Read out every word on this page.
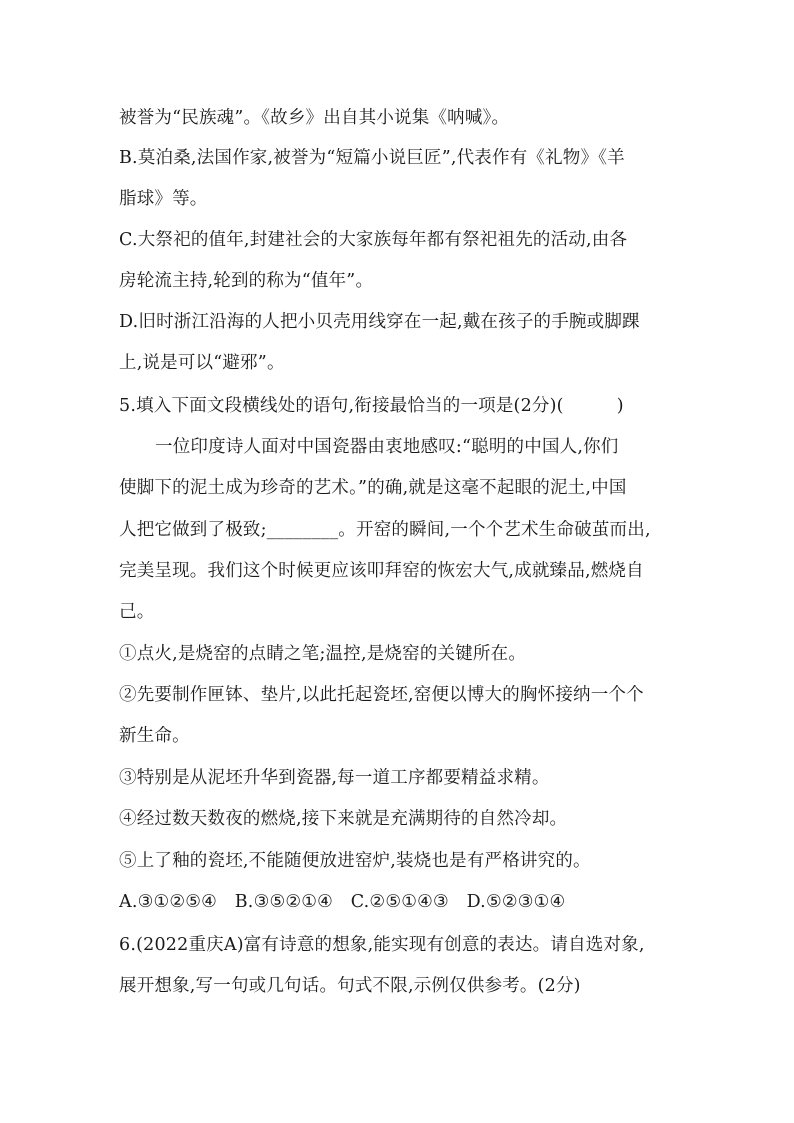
被誉为“民族魂”。《故乡》出自其小说集《呐喊》。
B.莫泊桑,法国作家,被誉为“短篇小说巨匠”,代表作有《礼物》《羊
脂球》等。
C.大祭祀的值年,封建社会的大家族每年都有祭祀祖先的活动,由各
房轮流主持,轮到的称为“值年”。
D.旧时浙江沿海的人把小贝壳用线穿在一起,戴在孩子的手腕或脚踝
上,说是可以“避邪”。
5.填入下面文段横线处的语句,衔接最恰当的一项是(2分)(　　　)
一位印度诗人面对中国瓷器由衷地感叹:“聪明的中国人,你们
使脚下的泥土成为珍奇的艺术。”的确,就是这毫不起眼的泥土,中国
人把它做到了极致;________。开窑的瞬间,一个个艺术生命破茧而出,
完美呈现。我们这个时候更应该叩拜窑的恢宏大气,成就臻品,燃烧自
己。
①点火,是烧窑的点睛之笔;温控,是烧窑的关键所在。
②先要制作匣钵、垫片,以此托起瓷坯,窑便以博大的胸怀接纳一个个
新生命。
③特别是从泥坯升华到瓷器,每一道工序都要精益求精。
④经过数天数夜的燃烧,接下来就是充满期待的自然冷却。
⑤上了釉的瓷坯,不能随便放进窑炉,装烧也是有严格讲究的。
A.③①②⑤④　B.③⑤②①④　C.②⑤①④③　D.⑤②③①④
6.(2022重庆A)富有诗意的想象,能实现有创意的表达。请自选对象,
展开想象,写一句或几句话。句式不限,示例仅供参考。(2分)
